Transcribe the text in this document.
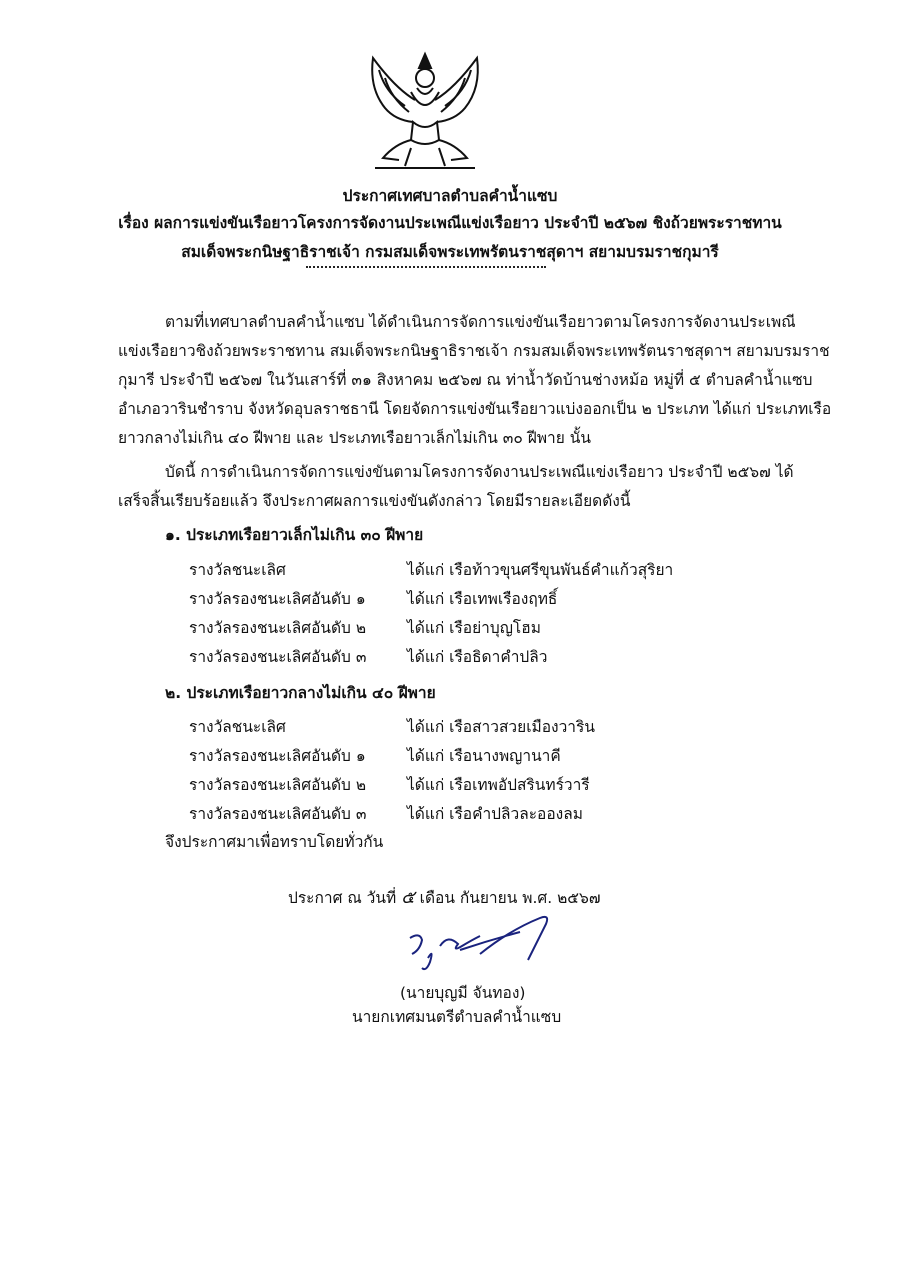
ประกาศเทศบาลตำบลคำน้ำแซบ
เรื่อง ผลการแข่งขันเรือยาวโครงการจัดงานประเพณีแข่งเรือยาว ประจำปี ๒๕๖๗ ชิงถ้วยพระราชทาน
สมเด็จพระกนิษฐาธิราชเจ้า กรมสมเด็จพระเทพรัตนราชสุดาฯ สยามบรมราชกุมารี
ตามที่เทศบาลตำบลคำน้ำแซบ ได้ดำเนินการจัดการแข่งขันเรือยาวตามโครงการจัดงานประเพณี
แข่งเรือยาวชิงถ้วยพระราชทาน สมเด็จพระกนิษฐาธิราชเจ้า กรมสมเด็จพระเทพรัตนราชสุดาฯ สยามบรมราช
กุมารี ประจำปี ๒๕๖๗ ในวันเสาร์ที่ ๓๑ สิงหาคม ๒๕๖๗ ณ ท่าน้ำวัดบ้านช่างหม้อ หมู่ที่ ๕ ตำบลคำน้ำแซบ
อำเภอวารินชำราบ จังหวัดอุบลราชธานี โดยจัดการแข่งขันเรือยาวแบ่งออกเป็น ๒ ประเภท ได้แก่ ประเภทเรือ
ยาวกลางไม่เกิน ๔๐ ฝีพาย และ ประเภทเรือยาวเล็กไม่เกิน ๓๐ ฝีพาย นั้น
บัดนี้ การดำเนินการจัดการแข่งขันตามโครงการจัดงานประเพณีแข่งเรือยาว ประจำปี ๒๕๖๗ ได้
เสร็จสิ้นเรียบร้อยแล้ว จึงประกาศผลการแข่งขันดังกล่าว โดยมีรายละเอียดดังนี้
๑. ประเภทเรือยาวเล็กไม่เกิน ๓๐ ฝีพาย
รางวัลชนะเลิศ	ได้แก่ เรือท้าวขุนศรีขุนพันธ์คำแก้วสุริยา
รางวัลรองชนะเลิศอันดับ ๑	ได้แก่ เรือเทพเรืองฤทธิ์
รางวัลรองชนะเลิศอันดับ ๒	ได้แก่ เรือย่าบุญโฮม
รางวัลรองชนะเลิศอันดับ ๓	ได้แก่ เรือธิดาคำปลิว
๒. ประเภทเรือยาวกลางไม่เกิน ๔๐ ฝีพาย
รางวัลชนะเลิศ	ได้แก่ เรือสาวสวยเมืองวาริน
รางวัลรองชนะเลิศอันดับ ๑	ได้แก่ เรือนางพญานาคี
รางวัลรองชนะเลิศอันดับ ๒	ได้แก่ เรือเทพอัปสรินทร์วารี
รางวัลรองชนะเลิศอันดับ ๓	ได้แก่ เรือคำปลิวละอองลม
จึงประกาศมาเพื่อทราบโดยทั่วกัน
ประกาศ ณ วันที่ ๕ เดือน กันยายน พ.ศ. ๒๕๖๗
(นายบุญมี จันทอง)
นายกเทศมนตรีตำบลคำน้ำแซบ
